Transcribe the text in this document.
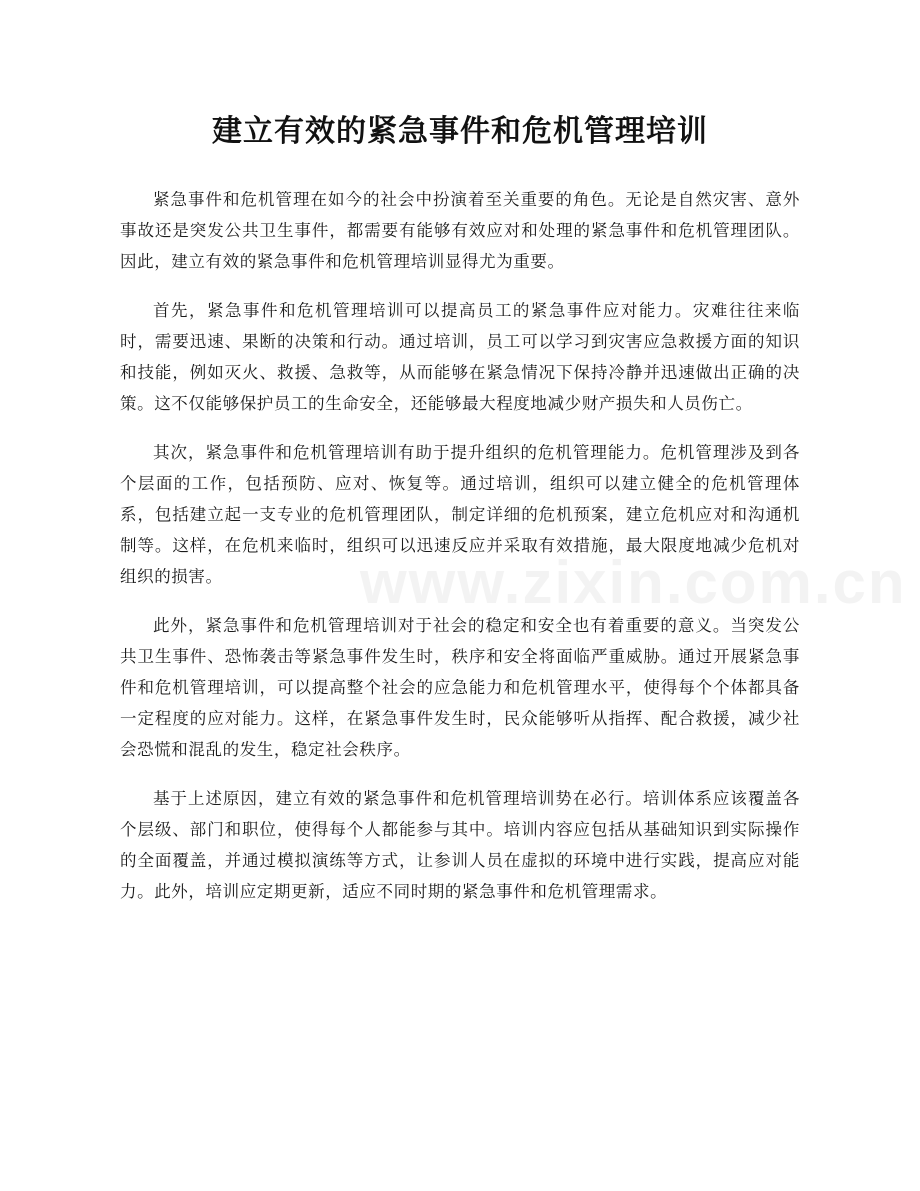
建立有效的紧急事件和危机管理培训

紧急事件和危机管理在如今的社会中扮演着至关重要的角色。无论是自然灾害、意外事故还是突发公共卫生事件，都需要有能够有效应对和处理的紧急事件和危机管理团队。因此，建立有效的紧急事件和危机管理培训显得尤为重要。

首先，紧急事件和危机管理培训可以提高员工的紧急事件应对能力。灾难往往来临时，需要迅速、果断的决策和行动。通过培训，员工可以学习到灾害应急救援方面的知识和技能，例如灭火、救援、急救等，从而能够在紧急情况下保持冷静并迅速做出正确的决策。这不仅能够保护员工的生命安全，还能够最大程度地减少财产损失和人员伤亡。

其次，紧急事件和危机管理培训有助于提升组织的危机管理能力。危机管理涉及到各个层面的工作，包括预防、应对、恢复等。通过培训，组织可以建立健全的危机管理体系，包括建立起一支专业的危机管理团队，制定详细的危机预案，建立危机应对和沟通机制等。这样，在危机来临时，组织可以迅速反应并采取有效措施，最大限度地减少危机对组织的损害。

此外，紧急事件和危机管理培训对于社会的稳定和安全也有着重要的意义。当突发公共卫生事件、恐怖袭击等紧急事件发生时，秩序和安全将面临严重威胁。通过开展紧急事件和危机管理培训，可以提高整个社会的应急能力和危机管理水平，使得每个个体都具备一定程度的应对能力。这样，在紧急事件发生时，民众能够听从指挥、配合救援，减少社会恐慌和混乱的发生，稳定社会秩序。

基于上述原因，建立有效的紧急事件和危机管理培训势在必行。培训体系应该覆盖各个层级、部门和职位，使得每个人都能参与其中。培训内容应包括从基础知识到实际操作的全面覆盖，并通过模拟演练等方式，让参训人员在虚拟的环境中进行实践，提高应对能力。此外，培训应定期更新，适应不同时期的紧急事件和危机管理需求。

www.zixin.com.cn
